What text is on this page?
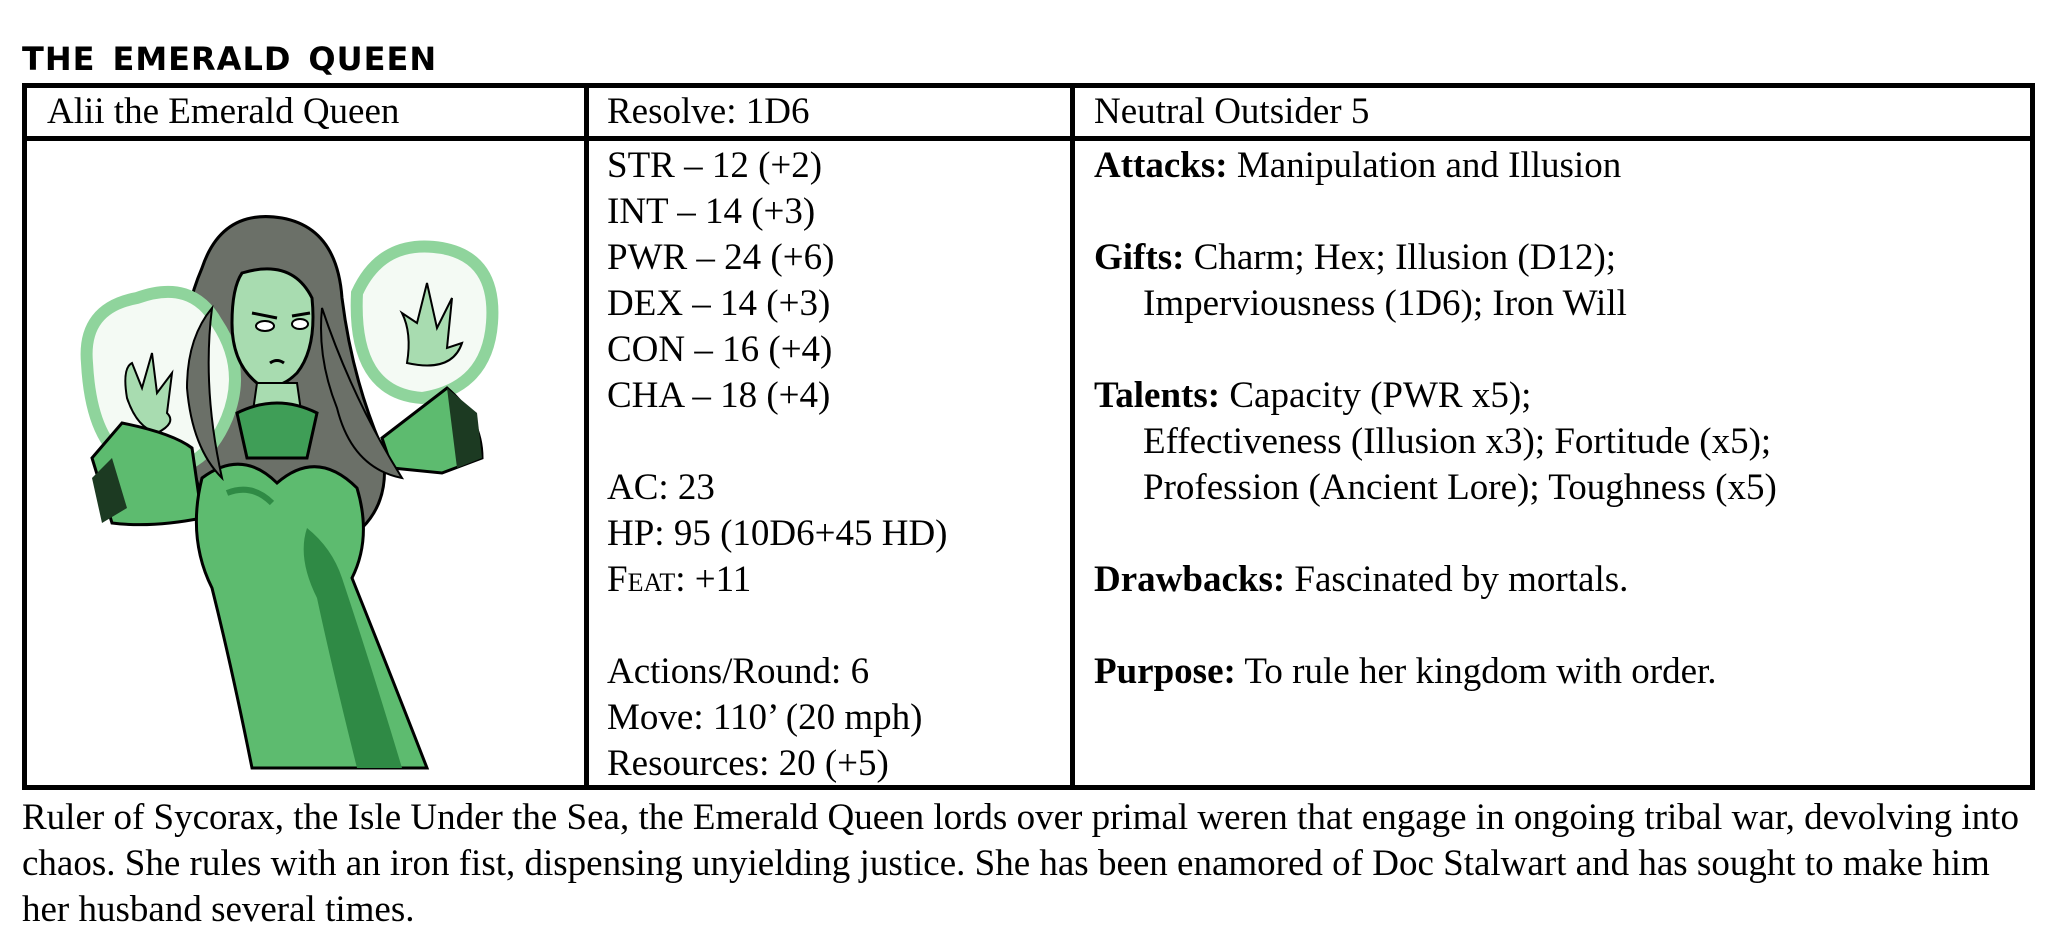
the emerald queen
Alii the Emerald Queen	Resolve: 1D6	Neutral Outsider 5

STR – 12 (+2)

INT – 14 (+3)

PWR – 24 (+6)

DEX – 14 (+3)

CON – 16 (+4)

CHA – 18 (+4)

AC: 23

HP: 95 (10D6+45 HD)

Feat: +11

Actions/Round: 6

Move: 110’ (20 mph)

Resources: 20 (+5)

Attacks: Manipulation and Illusion

Gifts: Charm; Hex; Illusion (D12);

Imperviousness (1D6); Iron Will

Talents: Capacity (PWR x5);

Effectiveness (Illusion x3); Fortitude (x5);

Profession (Ancient Lore); Toughness (x5)

Drawbacks: Fascinated by mortals.

Purpose: To rule her kingdom with order.

Ruler of Sycorax, the Isle Under the Sea, the Emerald Queen lords over primal weren that engage in ongoing tribal war, devolving into chaos. She rules with an iron fist, dispensing unyielding justice. She has been enamored of Doc Stalwart and has sought to make him her husband several times.
